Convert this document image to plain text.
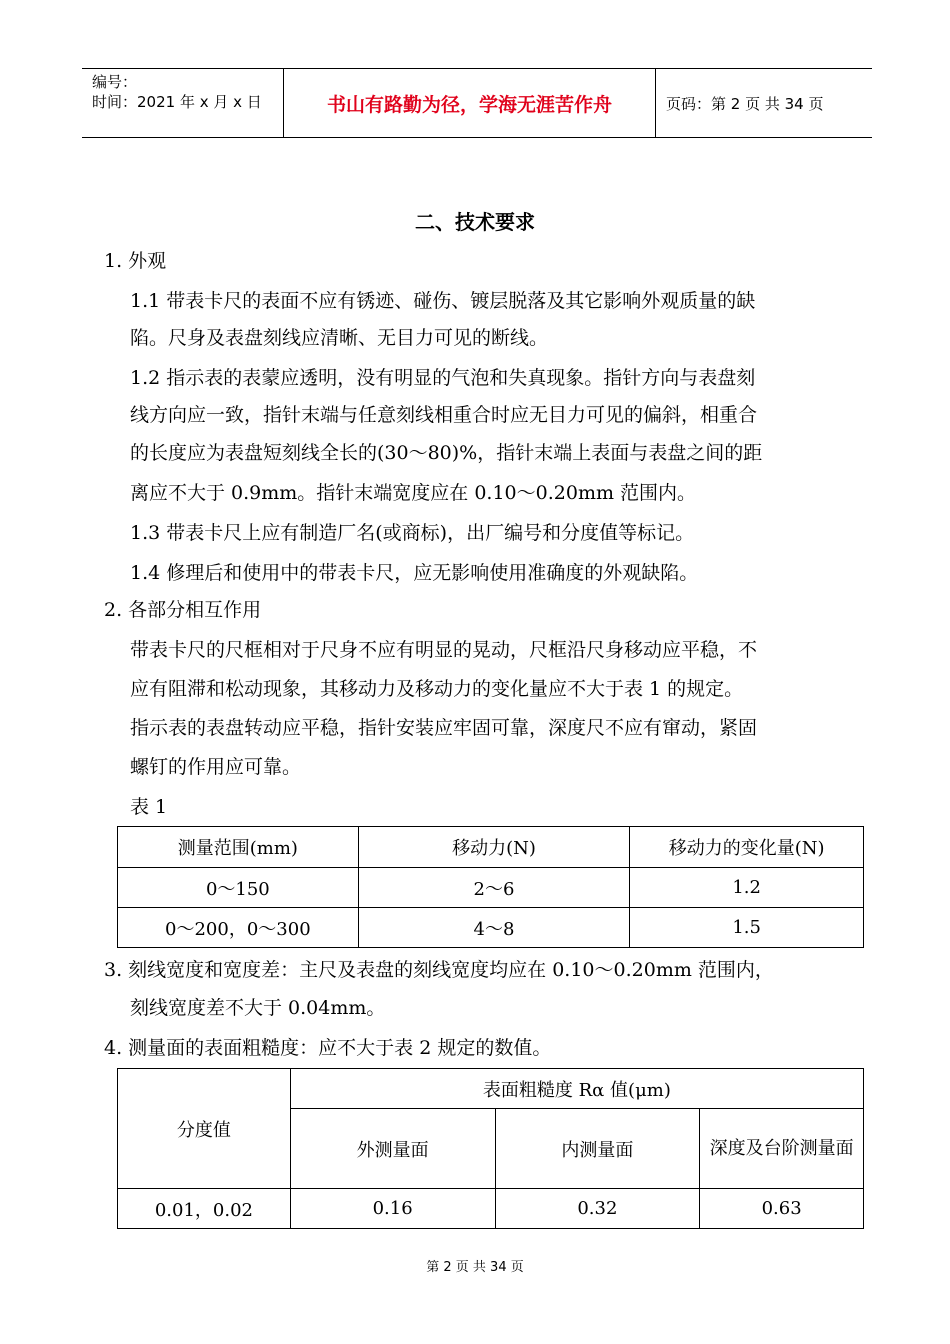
编号：
时间：2021 年 x 月 x 日	书山有路勤为径，学海无涯苦作舟	页码：第 2 页 共 34 页
二、技术要求
1. 外观
1.1 带表卡尺的表面不应有锈迹、碰伤、镀层脱落及其它影响外观质量的缺
陷。尺身及表盘刻线应清晰、无目力可见的断线。
1.2 指示表的表蒙应透明，没有明显的气泡和失真现象。指针方向与表盘刻
线方向应一致，指针末端与任意刻线相重合时应无目力可见的偏斜，相重合
的长度应为表盘短刻线全长的(30～80)%，指针末端上表面与表盘之间的距
离应不大于 0.9mm。指针末端宽度应在 0.10～0.20mm 范围内。
1.3 带表卡尺上应有制造厂名(或商标)，出厂编号和分度值等标记。
1.4 修理后和使用中的带表卡尺，应无影响使用准确度的外观缺陷。
2. 各部分相互作用
带表卡尺的尺框相对于尺身不应有明显的晃动，尺框沿尺身移动应平稳，不
应有阻滞和松动现象，其移动力及移动力的变化量应不大于表 1 的规定。
指示表的表盘转动应平稳，指针安装应牢固可靠，深度尺不应有窜动，紧固
螺钉的作用应可靠。
表 1
测量范围(mm)	移动力(N)	移动力的变化量(N)
0～150	2～6	1.2
0～200，0～300	4～8	1.5
3. 刻线宽度和宽度差：主尺及表盘的刻线宽度均应在 0.10～0.20mm 范围内，
刻线宽度差不大于 0.04mm。
4. 测量面的表面粗糙度：应不大于表 2 规定的数值。
分度值	表面粗糙度 Rα 值(μm)		
	外测量面	内测量面	深度及台阶测量面
0.01，0.02	0.16	0.32	0.63
第 2 页 共 34 页
